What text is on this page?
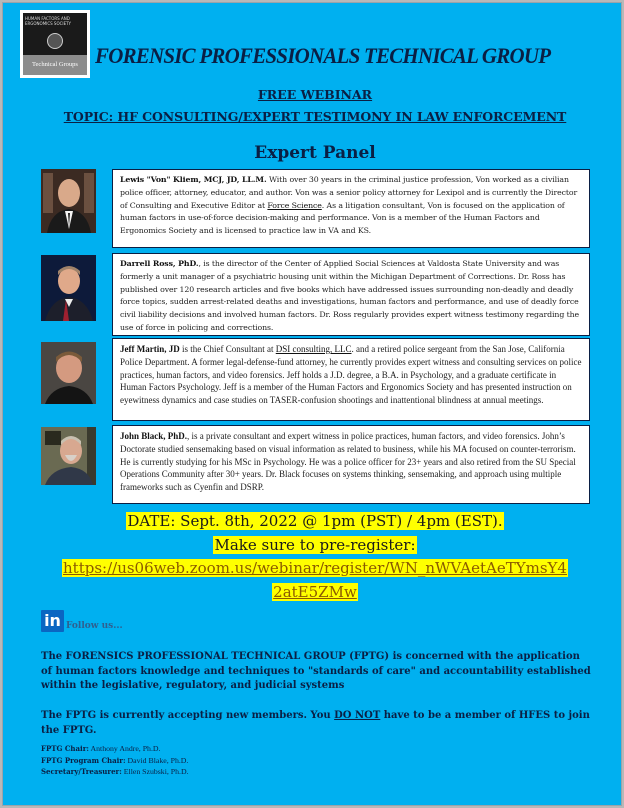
HUMAN FACTORS AND ERGONOMICS SOCIETY
Technical Groups FORENSIC PROFESSIONALS TECHNICAL GROUP
FREE WEBINAR
TOPIC: HF CONSULTING/EXPERT TESTIMONY IN LAW ENFORCEMENT
Expert Panel
Lewis "Von" Kliem, MCJ, JD, LL.M. With over 30 years in the criminal justice profession, Von worked as a civilian police officer, attorney, educator, and author. Von was a senior policy attorney for Lexipol and is currently the Director of Consulting and Executive Editor at Force Science. As a litigation consultant, Von is focused on the application of human factors in use-of-force decision-making and performance. Von is a member of the Human Factors and Ergonomics Society and is licensed to practice law in VA and KS.
Darrell Ross, PhD., is the director of the Center of Applied Social Sciences at Valdosta State University and was formerly a unit manager of a psychiatric housing unit within the Michigan Department of Corrections. Dr. Ross has published over 120 research articles and five books which have addressed issues surrounding non-deadly and deadly force topics, sudden arrest-related deaths and investigations, human factors and performance, and use of deadly force civil liability decisions and involved human factors. Dr. Ross regularly provides expert witness testimony regarding the use of force in policing and corrections.
Jeff Martin, JD is the Chief Consultant at DSI consulting, LLC. and a retired police sergeant from the San Jose, California Police Department. A former legal-defense-fund attorney, he currently provides expert witness and consulting services on police practices, human factors, and video forensics. Jeff holds a J.D. degree, a B.A. in Psychology, and a graduate certificate in Human Factors Psychology. Jeff is a member of the Human Factors and Ergonomics Society and has presented instruction on eyewitness dynamics and case studies on TASER-confusion shootings and inattentional blindness at annual meetings.
John Black, PhD., is a private consultant and expert witness in police practices, human factors, and video forensics. John’s Doctorate studied sensemaking based on visual information as related to business, while his MA focused on counter-terrorism. He is currently studying for his MSc in Psychology. He was a police officer for 23+ years and also retired from the SU Special Operations Community after 30+ years. Dr. Black focuses on systems thinking, sensemaking, and approach using multiple frameworks such as Cyenfin and DSRP.
DATE: Sept. 8th, 2022 @ 1pm (PST) / 4pm (EST).
Make sure to pre-register:
https://us06web.zoom.us/webinar/register/WN_nWVAetAeTYmsY4
2atE5ZMw
in Follow us...
The FORENSICS PROFESSIONAL TECHNICAL GROUP (FPTG) is concerned with the application of human factors knowledge and techniques to "standards of care" and accountability established within the legislative, regulatory, and judicial systems
The FPTG is currently accepting new members. You DO NOT have to be a member of HFES to join the FPTG.
FPTG Chair: Anthony Andre, Ph.D.
FPTG Program Chair: David Blake, Ph.D.
Secretary/Treasurer: Ellen Szubski, Ph.D.
